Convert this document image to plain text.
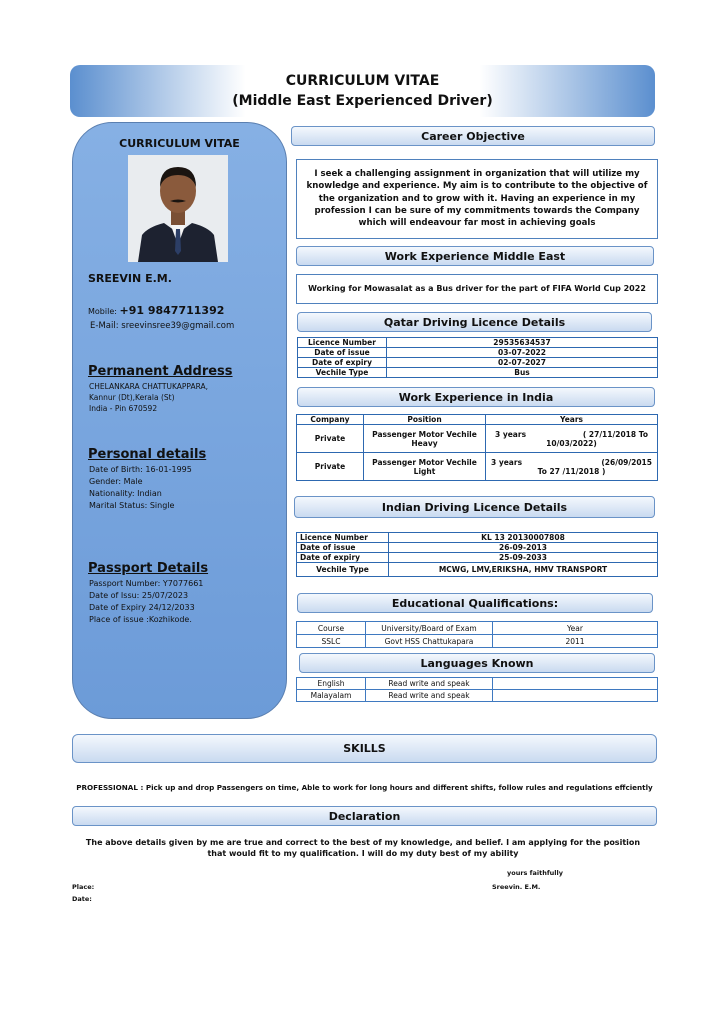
CURRICULUM VITAE
(Middle East Experienced Driver)
CURRICULUM VITAE
SREEVIN E.M.
Mobile: +91 9847711392
E-Mail: sreevinsree39@gmail.com
Permanent Address
CHELANKARA CHATTUKAPPARA,
Kannur (Dt),Kerala (St)
India - Pin 670592
Personal details
Date of Birth: 16-01-1995
Gender: Male
Nationality: Indian
Marital Status: Single
Passport Details
Passport Number: Y7077661
Date of Issu: 25/07/2023
Date of Expiry 24/12/2033
Place of issue :Kozhikode.
Career Objective
I seek a challenging assignment in organization that will utilize my knowledge and experience. My aim is to contribute to the objective of the organization and to grow with it. Having an experience in my profession I can be sure of my commitments towards the Company which will endeavour far most in achieving goals
Work Experience Middle East
Working for Mowasalat as a Bus driver for the part of FIFA World Cup 2022
Qatar Driving Licence Details
Licence Number	29535634537
Date of issue	03-07-2022
Date of expiry	02-07-2027
Vechile Type	Bus
Work Experience in India
Company	Position	Years
Private	Passenger Motor Vechile Heavy	3 years ( 27/11/2018 To
10/03/2022)

Private	Passenger Motor Vechile Light	3 years (26/09/2015
To 27 /11/2018 )
Indian Driving Licence Details
Licence Number	KL 13 20130007808
Date of issue	26-09-2013
Date of expiry	25-09-2033
Vechile Type	MCWG, LMV,ERIKSHA, HMV TRANSPORT
Educational Qualifications:
Course	University/Board of Exam	Year
SSLC	Govt HSS Chattukapara	2011
Languages Known
English	Read write and speak	
Malayalam	Read write and speak	
SKILLS
PROFESSIONAL : Pick up and drop Passengers on time, Able to work for long hours and different shifts, follow rules and regulations effciently
Declaration
The above details given by me are true and correct to the best of my knowledge, and belief. I am applying for the position that would fit to my qualification. I will do my duty best of my ability
yours faithfully
Place:	Sreevin. E.M.
Date:
